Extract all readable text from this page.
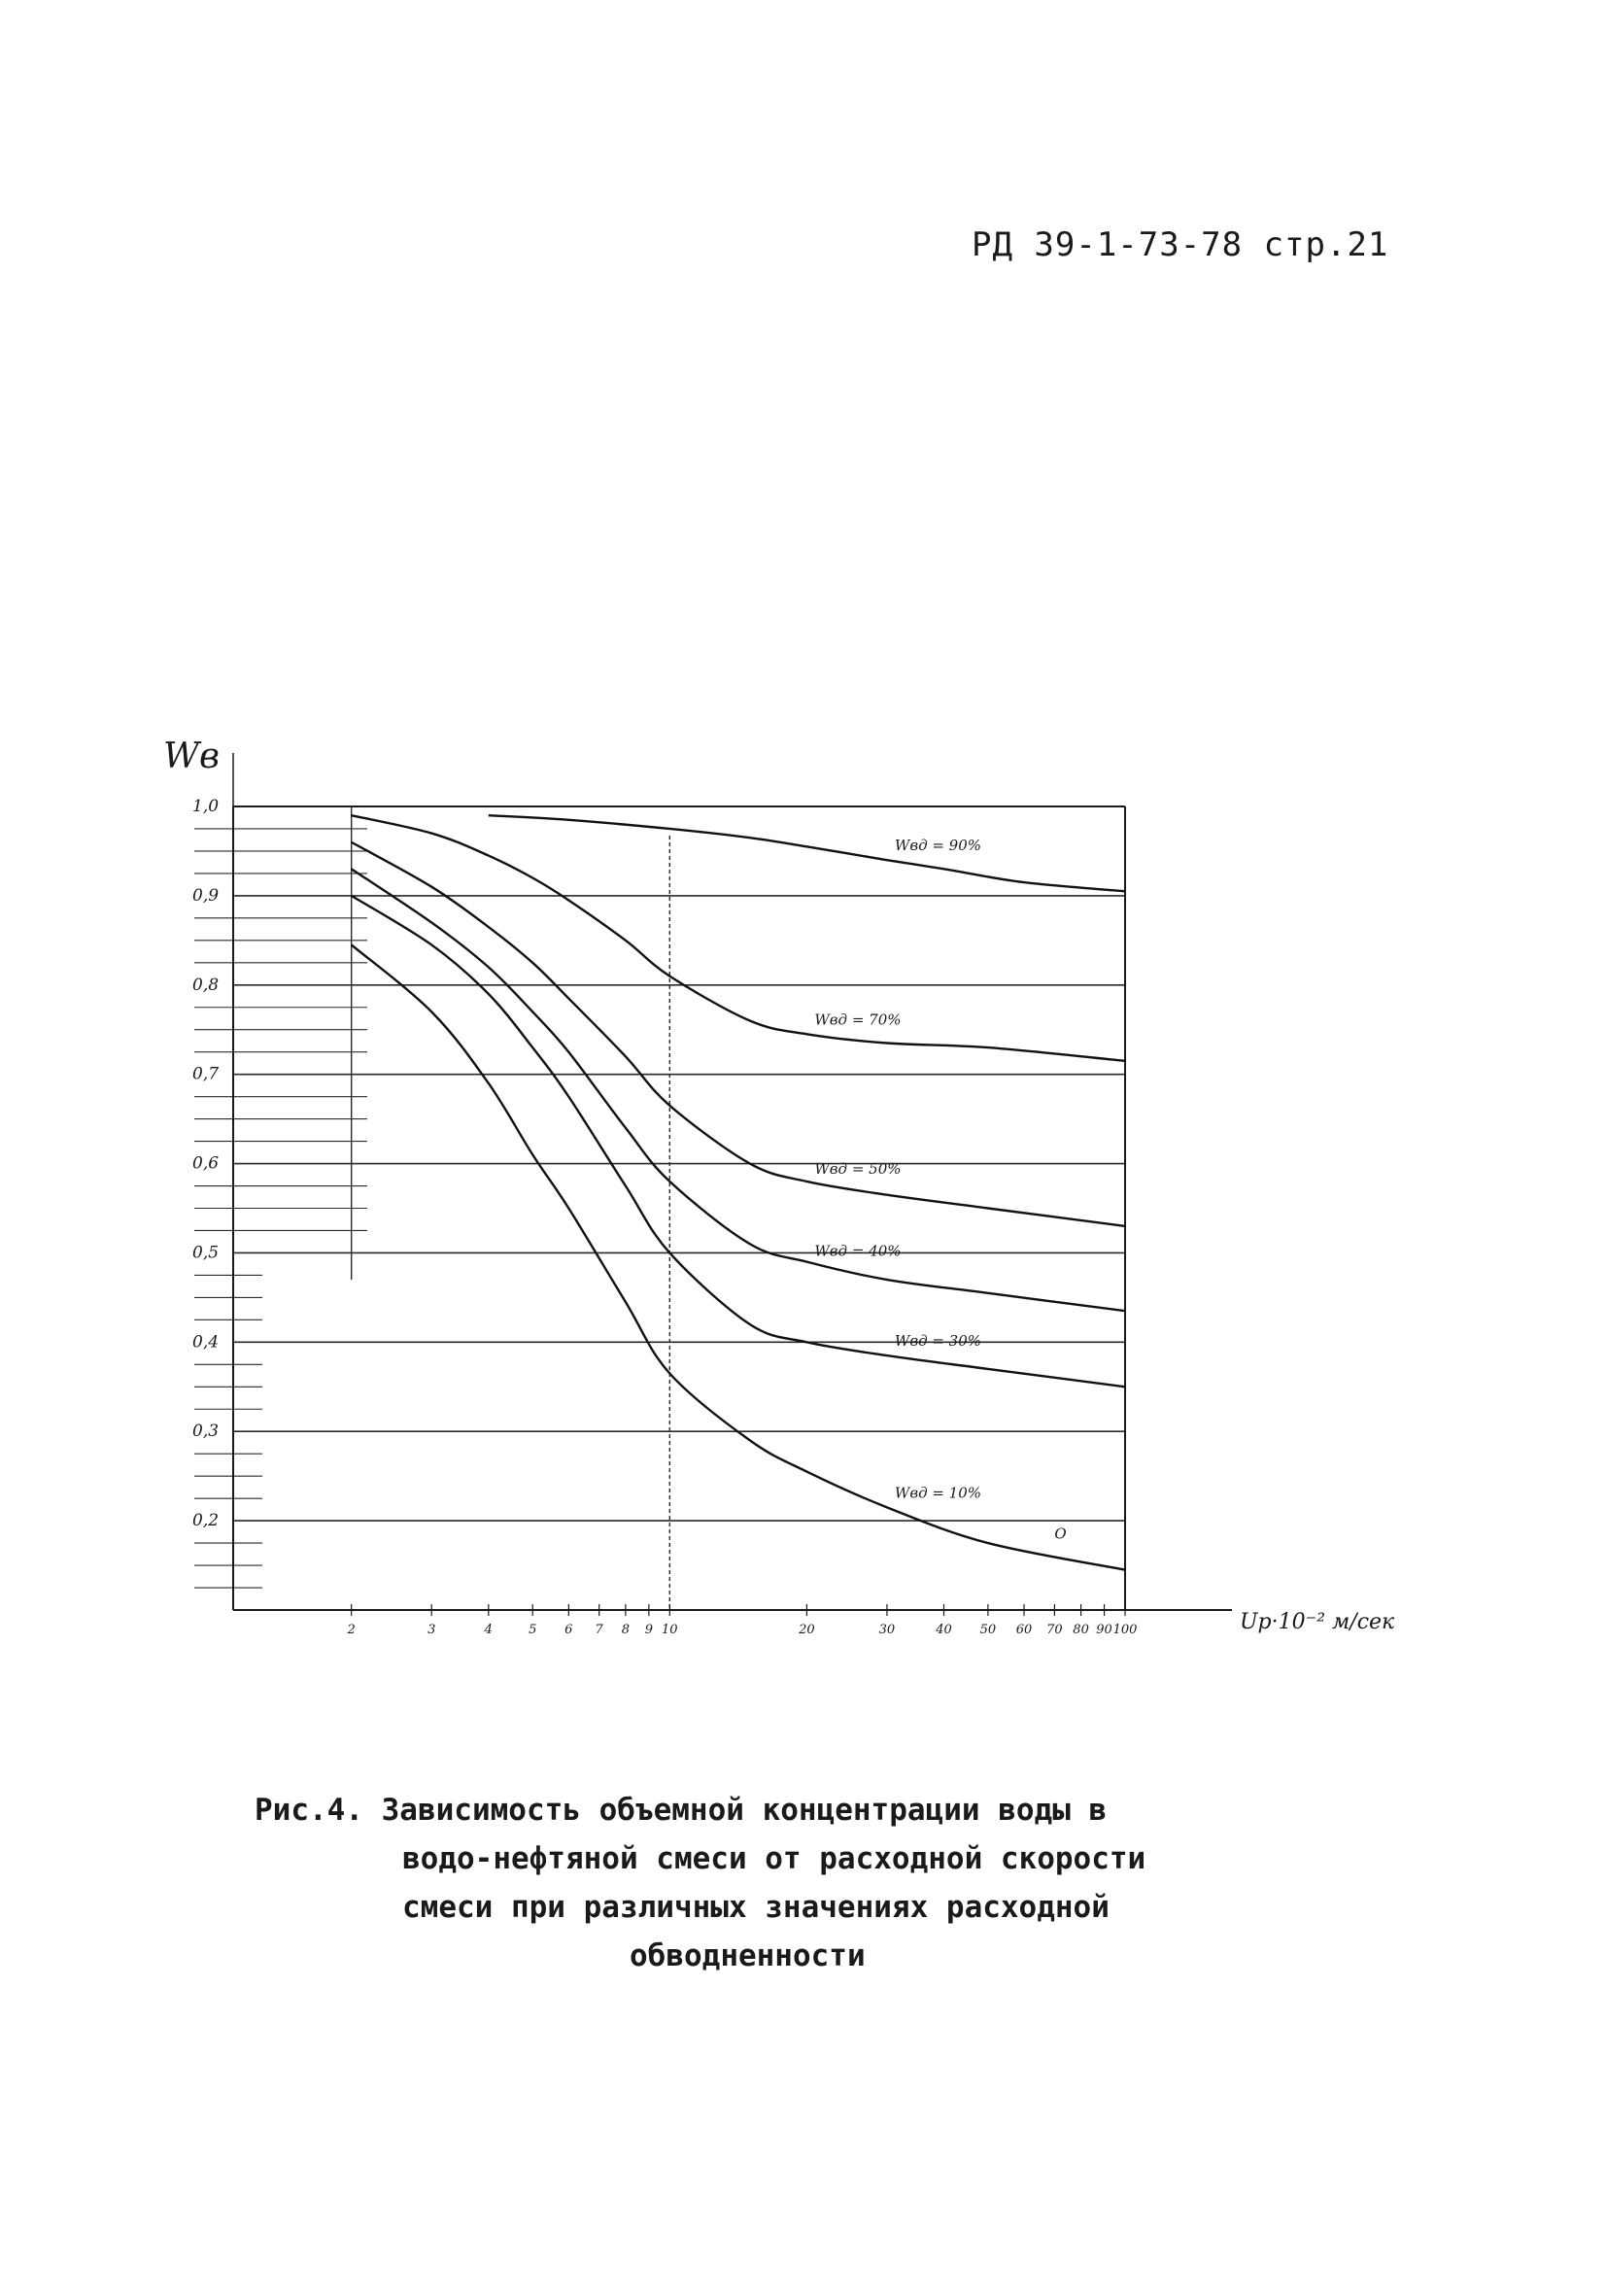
РД 39-1-73-78 стр.21
0,2
0,3
0,4
0,5
0,6
0,7
0,8
0,9
1,0
2	3	4	5 6 7 8 9 10	20	30	40 50 60 70 80 90 100
Wвд = 90%
Wвд = 70%
Wвд = 50%
Wвд = 40%
Wвд = 30%
Wвд = 10%
О
Wв
Uр·10⁻² м/сек
Рис.4. Зависимость объемной концентрации воды в
водо-нефтяной смеси от расходной скорости
смеси при различных значениях расходной
обводненности
